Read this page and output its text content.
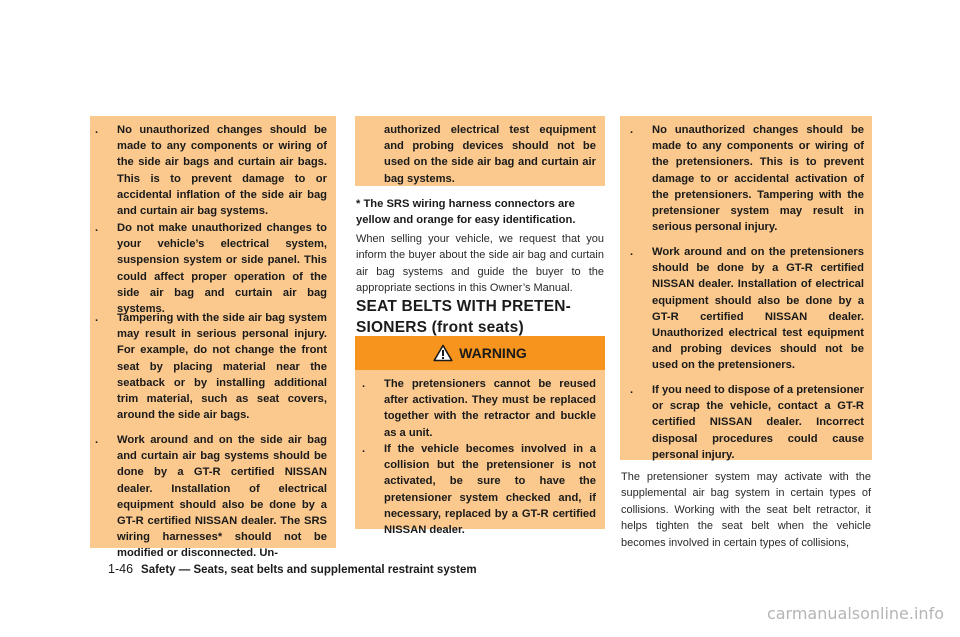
. No unauthorized changes should be made to any components or wiring of the side air bags and curtain air bags. This is to prevent damage to or accidental inflation of the side air bag and curtain air bag systems.
. Do not make unauthorized changes to your vehicle’s electrical system, suspension system or side panel. This could affect proper operation of the side air bag and curtain air bag systems.
. Tampering with the side air bag system may result in serious personal injury. For example, do not change the front seat by placing material near the seatback or by installing additional trim material, such as seat covers, around the side air bags.
. Work around and on the side air bag and curtain air bag systems should be done by a GT-R certified NISSAN dealer. Installation of electrical equipment should also be done by a GT-R certified NISSAN dealer. The SRS wiring harnesses* should not be modified or disconnected. Un-
authorized electrical test equipment and probing devices should not be used on the side air bag and curtain air bag systems.
* The SRS wiring harness connectors are yellow and orange for easy identification.
When selling your vehicle, we request that you inform the buyer about the side air bag and curtain air bag systems and guide the buyer to the appropriate sections in this Owner’s Manual.
SEAT BELTS WITH PRETEN-
SIONERS (front seats)
WARNING
. The pretensioners cannot be reused after activation. They must be replaced together with the retractor and buckle as a unit.
. If the vehicle becomes involved in a collision but the pretensioner is not activated, be sure to have the pretensioner system checked and, if necessary, replaced by a GT-R certified NISSAN dealer.
. No unauthorized changes should be made to any components or wiring of the pretensioners. This is to prevent damage to or accidental activation of the pretensioners. Tampering with the pretensioner system may result in serious personal injury.
. Work around and on the pretensioners should be done by a GT-R certified NISSAN dealer. Installation of electrical equipment should also be done by a GT-R certified NISSAN dealer. Unauthorized electrical test equipment and probing devices should not be used on the pretensioners.
. If you need to dispose of a pretensioner or scrap the vehicle, contact a GT-R certified NISSAN dealer. Incorrect disposal procedures could cause personal injury.
The pretensioner system may activate with the supplemental air bag system in certain types of collisions. Working with the seat belt retractor, it helps tighten the seat belt when the vehicle becomes involved in certain types of collisions,
1-46 Safety — Seats, seat belts and supplemental restraint system
carmanualsonline.info
